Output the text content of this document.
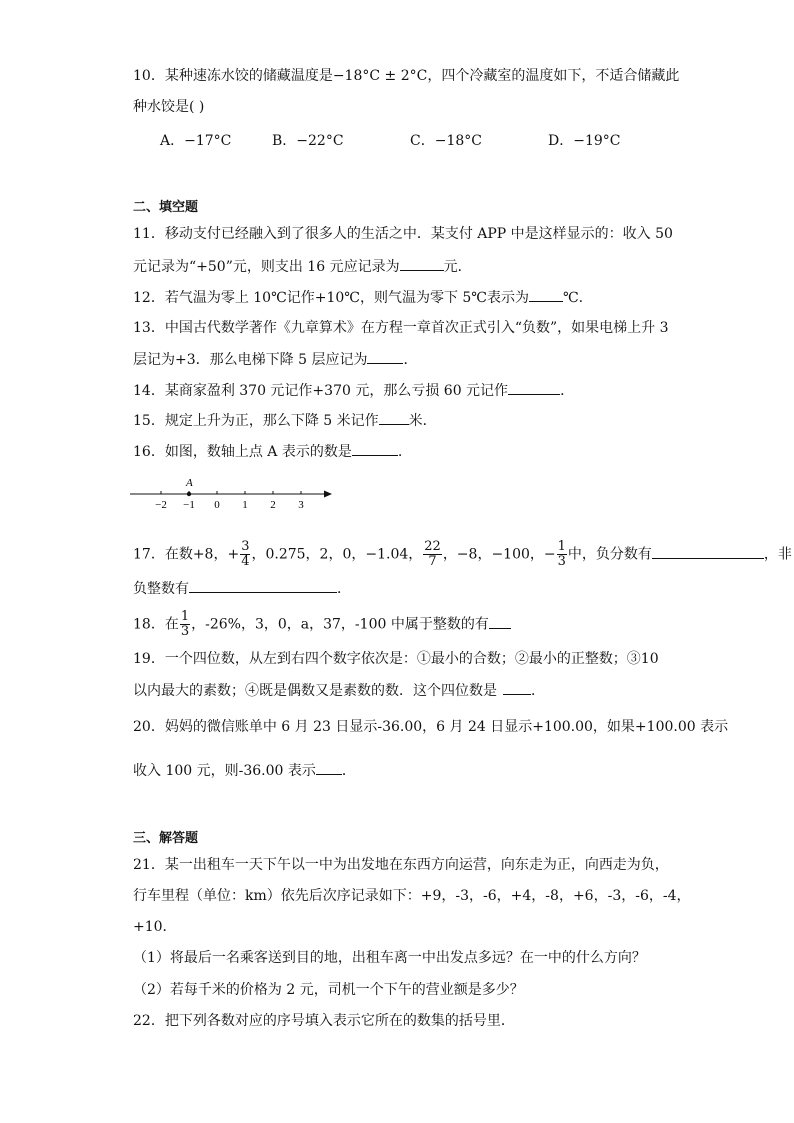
10．某种速冻水饺的储藏温度是−18°C ± 2°C，四个冷藏室的温度如下，不适合储藏此
种水饺是( )
A．−17°C	B．−22°C	C．−18°C	D．−19°C
二、填空题
11．移动支付已经融入到了很多人的生活之中．某支付 APP 中是这样显示的：收入 50
元记录为“+50”元，则支出 16 元应记录为	元．
12．若气温为零上 10℃记作+10℃，则气温为零下 5℃表示为 ℃.
13．中国古代数学著作《九章算术》在方程一章首次正式引入“负数”，如果电梯上升 3
层记为+3．那么电梯下降 5 层应记为	．
14．某商家盈利 370 元记作+370 元，那么亏损 60 元记作	．
15．规定上升为正，那么下降 5 米记作 米．
16．如图，数轴上点 A 表示的数是	.
−2 −1 0 1 2 3
A
17．在数+8，+ $\frac{3}{4}$ ，0.275，2，0，−1.04， $\frac{22}{7}$ ，−8，−100，− $\frac{1}{3}$ 中，负分数有	，非
负整数有	．
18．在 $\frac{1}{3}$ ，-26%，3，0，a，37，-100 中属于整数的有
19．一个四位数，从左到右四个数字依次是：①最小的合数；②最小的正整数；③10
以内最大的素数；④既是偶数又是素数的数．这个四位数是 ．
20．妈妈的微信账单中 6 月 23 日显示-36.00，6 月 24 日显示+100.00，如果+100.00 表示
收入 100 元，则-36.00 表示 ．
三、解答题
21．某一出租车一天下午以一中为出发地在东西方向运营，向东走为正，向西走为负，
行车里程（单位：km）依先后次序记录如下：+9，-3，-6，+4，-8，+6，-3，-6，-4，
+10．
（1）将最后一名乘客送到目的地，出租车离一中出发点多远？在一中的什么方向？
（2）若每千米的价格为 2 元，司机一个下午的营业额是多少？
22．把下列各数对应的序号填入表示它所在的数集的括号里．
